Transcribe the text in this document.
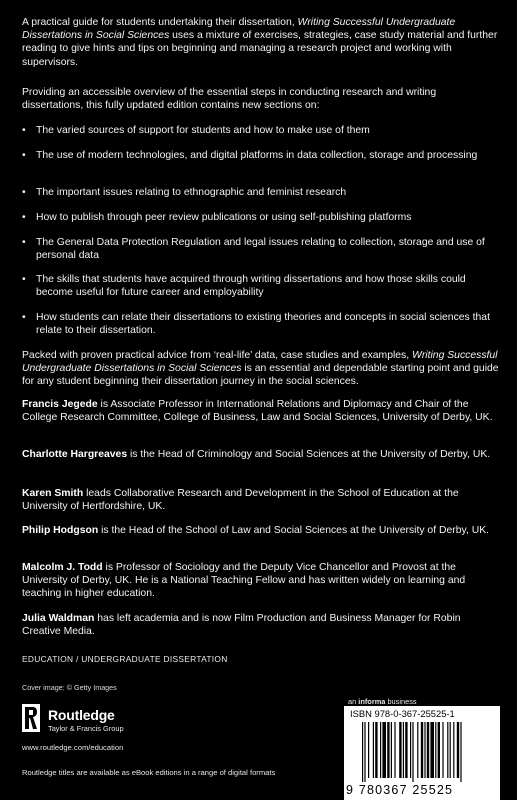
A practical guide for students undertaking their dissertation, Writing Successful Undergraduate Dissertations in Social Sciences uses a mixture of exercises, strategies, case study material and further reading to give hints and tips on beginning and managing a research project and working with supervisors.

Providing an accessible overview of the essential steps in conducting research and writing dissertations, this fully updated edition contains new sections on:

• The varied sources of support for students and how to make use of them
• The use of modern technologies, and digital platforms in data collection, storage and processing
• The important issues relating to ethnographic and feminist research
• How to publish through peer review publications or using self-publishing platforms
• The General Data Protection Regulation and legal issues relating to collection, storage and use of personal data
• The skills that students have acquired through writing dissertations and how those skills could become useful for future career and employability
• How students can relate their dissertations to existing theories and concepts in social sciences that relate to their dissertation.

Packed with proven practical advice from ‘real-life’ data, case studies and examples, Writing Successful Undergraduate Dissertations in Social Sciences is an essential and dependable starting point and guide for any student beginning their dissertation journey in the social sciences.

Francis Jegede is Associate Professor in International Relations and Diplomacy and Chair of the College Research Committee, College of Business, Law and Social Sciences, University of Derby, UK.

Charlotte Hargreaves is the Head of Criminology and Social Sciences at the University of Derby, UK.

Karen Smith leads Collaborative Research and Development in the School of Education at the University of Hertfordshire, UK.

Philip Hodgson is the Head of the School of Law and Social Sciences at the University of Derby, UK.

Malcolm J. Todd is Professor of Sociology and the Deputy Vice Chancellor and Provost at the University of Derby, UK. He is a National Teaching Fellow and has written widely on learning and teaching in higher education.

Julia Waldman has left academia and is now Film Production and Business Manager for Robin Creative Media.

EDUCATION / UNDERGRADUATE DISSERTATION
Cover image: © Getty Images
Routledge
Taylor & Francis Group
www.routledge.com/education
Routledge titles are available as eBook editions in a range of digital formats
an informa business
ISBN 978-0-367-25525-1
9 780367 25525
